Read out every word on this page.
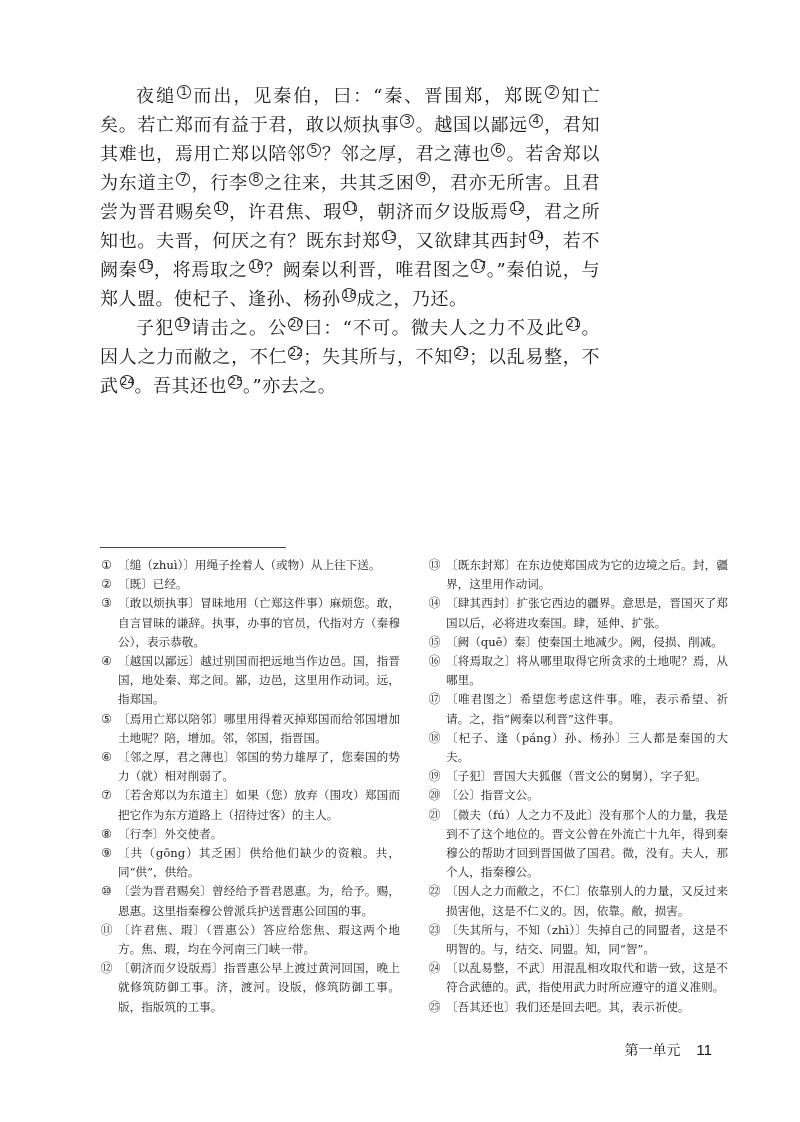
夜缒 1 而出，见秦伯，曰：“秦、晋围郑，郑既 2 知亡矣。若亡郑而有益于君，敢以烦执事 3 。越国以鄙远 4 ，君知其难也，焉用亡郑以陪邻 5 ？邻之厚，君之薄也 6 。若舍郑以为东道主 7 ，行李 8 之往来，共其乏困 9 ，君亦无所害。且君尝为晋君赐矣 10，许君焦、瑕 11，朝济而夕设版焉 12，君之所知也。夫晋，何厌之有？既东封郑 13，又欲肆其西封 14，若不阙秦 15，将焉取之 16？阙秦以利晋，唯君图之 17。”秦伯说，与郑人盟。使杞子、逢孙、杨孙 18成之，乃还。

子犯 19请击之。公 20曰：“不可。微夫人之力不及此 21。因人之力而敝之，不仁 22；失其所与，不知 23；以乱易整，不武 24。吾其还也 25。”亦去之。

① 〔缒（zhuì）〕用绳子拴着人（或物）从上往下送。
② 〔既〕已经。
③ 〔敢以烦执事〕冒昧地用（亡郑这件事）麻烦您。敢，自言冒昧的谦辞。执事，办事的官员，代指对方（秦穆公），表示恭敬。
④ 〔越国以鄙远〕越过别国而把远地当作边邑。国，指晋国，地处秦、郑之间。鄙，边邑，这里用作动词。远，指郑国。
⑤ 〔焉用亡郑以陪邻〕哪里用得着灭掉郑国而给邻国增加土地呢？陪，增加。邻，邻国，指晋国。
⑥ 〔邻之厚，君之薄也〕邻国的势力雄厚了，您秦国的势力（就）相对削弱了。
⑦ 〔若舍郑以为东道主〕如果（您）放弃（围攻）郑国而把它作为东方道路上（招待过客）的主人。
⑧ 〔行李〕外交使者。
⑨ 〔共（gōng）其乏困〕供给他们缺少的资粮。共，同“供”，供给。
⑩ 〔尝为晋君赐矣〕曾经给予晋君恩惠。为，给予。赐，恩惠。这里指秦穆公曾派兵护送晋惠公回国的事。
⑪ 〔许君焦、瑕〕（晋惠公）答应给您焦、瑕这两个地方。焦、瑕，均在今河南三门峡一带。
⑫ 〔朝济而夕设版焉〕指晋惠公早上渡过黄河回国，晚上就修筑防御工事。济，渡河。设版，修筑防御工事。版，指版筑的工事。
⑬ 〔既东封郑〕在东边使郑国成为它的边境之后。封，疆界，这里用作动词。
⑭ 〔肆其西封〕扩张它西边的疆界。意思是，晋国灭了郑国以后，必将进攻秦国。肆，延伸、扩张。
⑮ 〔阙（quē）秦〕使秦国土地减少。阙，侵损、削减。
⑯ 〔将焉取之〕将从哪里取得它所贪求的土地呢？焉，从哪里。
⑰ 〔唯君图之〕希望您考虑这件事。唯，表示希望、祈请。之，指“阙秦以利晋”这件事。
⑱ 〔杞子、逢（páng）孙、杨孙〕三人都是秦国的大夫。
⑲ 〔子犯〕晋国大夫狐偃（晋文公的舅舅），字子犯。
⑳ 〔公〕指晋文公。
㉑ 〔微夫（fú）人之力不及此〕没有那个人的力量，我是到不了这个地位的。晋文公曾在外流亡十九年，得到秦穆公的帮助才回到晋国做了国君。微，没有。夫人，那个人，指秦穆公。
㉒ 〔因人之力而敝之，不仁〕依靠别人的力量，又反过来损害他，这是不仁义的。因，依靠。敝，损害。
㉓ 〔失其所与，不知（zhì）〕失掉自己的同盟者，这是不明智的。与，结交、同盟。知，同“智”。
㉔ 〔以乱易整，不武〕用混乱相攻取代和谐一致，这是不符合武德的。武，指使用武力时所应遵守的道义准则。
㉕ 〔吾其还也〕我们还是回去吧。其，表示祈使。
第一单元 11
